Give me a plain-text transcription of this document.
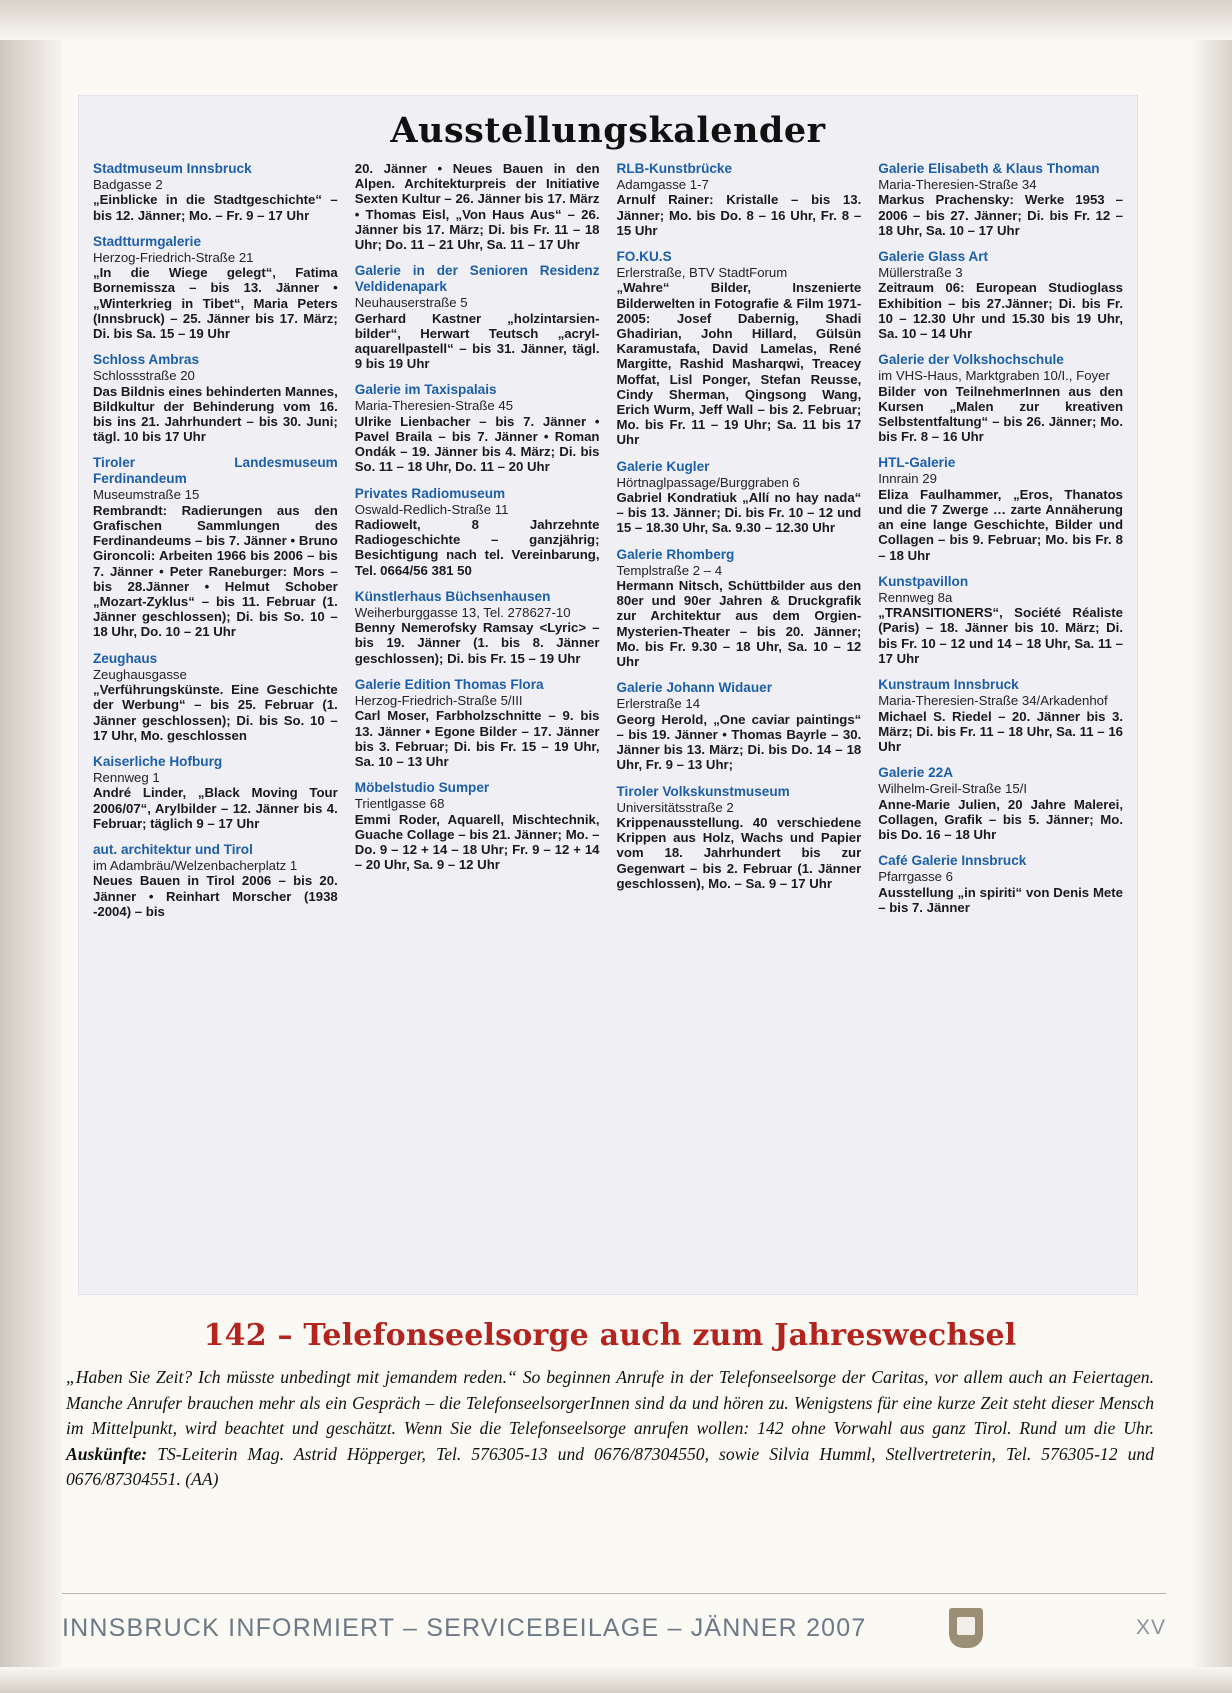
Ausstellungskalender
Stadtmuseum Innsbruck
Badgasse 2
„Einblicke in die Stadtgeschichte“ – bis 12. Jänner; Mo. – Fr. 9 – 17 Uhr
Stadtturmgalerie
Herzog-Friedrich-Straße 21
„In die Wiege gelegt“, Fatima Bornemissza – bis 13. Jänner • „Winterkrieg in Tibet“, Maria Peters (Innsbruck) – 25. Jänner bis 17. März; Di. bis Sa. 15 – 19 Uhr
Schloss Ambras
Schlossstraße 20
Das Bildnis eines behinderten Mannes, Bildkultur der Behinderung vom 16. bis ins 21. Jahrhundert – bis 30. Juni; tägl. 10 bis 17 Uhr
Tiroler Landesmuseum Ferdinandeum
Museumstraße 15
Rembrandt: Radierungen aus den Grafischen Sammlungen des Ferdinandeums – bis 7. Jänner • Bruno Gironcoli: Arbeiten 1966 bis 2006 – bis 7. Jänner • Peter Raneburger: Mors – bis 28.Jänner • Helmut Schober „Mozart-Zyklus“ – bis 11. Februar (1. Jänner geschlossen); Di. bis So. 10 – 18 Uhr, Do. 10 – 21 Uhr
Zeughaus
Zeughausgasse
„Verführungskünste. Eine Geschichte der Werbung“ – bis 25. Februar (1. Jänner geschlossen); Di. bis So. 10 – 17 Uhr, Mo. geschlossen
Kaiserliche Hofburg
Rennweg 1
André Linder, „Black Moving Tour 2006/07“, Arylbilder – 12. Jänner bis 4. Februar; täglich 9 – 17 Uhr
aut. architektur und Tirol
im Adambräu/Welzenbacherplatz 1
Neues Bauen in Tirol 2006 – bis 20. Jänner • Reinhart Morscher (1938 -2004) – bis
20. Jänner • Neues Bauen in den Alpen. Architekturpreis der Initiative Sexten Kultur – 26. Jänner bis 17. März • Thomas Eisl, „Von Haus Aus“ – 26. Jänner bis 17. März; Di. bis Fr. 11 – 18 Uhr; Do. 11 – 21 Uhr, Sa. 11 – 17 Uhr
Galerie in der Senioren Residenz Veldidenapark
Neuhauserstraße 5
Gerhard Kastner „holzintarsien-bilder“, Herwart Teutsch „acryl-aquarellpastell“ – bis 31. Jänner, tägl. 9 bis 19 Uhr
Galerie im Taxispalais
Maria-Theresien-Straße 45
Ulrike Lienbacher – bis 7. Jänner • Pavel Braila – bis 7. Jänner • Roman Ondák – 19. Jänner bis 4. März; Di. bis So. 11 – 18 Uhr, Do. 11 – 20 Uhr
Privates Radiomuseum
Oswald-Redlich-Straße 11
Radiowelt, 8 Jahrzehnte Radiogeschichte – ganzjährig; Besichtigung nach tel. Vereinbarung, Tel. 0664/56 381 50
Künstlerhaus Büchsenhausen
Weiherburggasse 13, Tel. 278627-10
Benny Nemerofsky Ramsay <Lyric> – bis 19. Jänner (1. bis 8. Jänner geschlossen); Di. bis Fr. 15 – 19 Uhr
Galerie Edition Thomas Flora
Herzog-Friedrich-Straße 5/III
Carl Moser, Farbholzschnitte – 9. bis 13. Jänner • Egone Bilder – 17. Jänner bis 3. Februar; Di. bis Fr. 15 – 19 Uhr, Sa. 10 – 13 Uhr
Möbelstudio Sumper
Trientlgasse 68
Emmi Roder, Aquarell, Mischtechnik, Guache Collage – bis 21. Jänner; Mo. – Do. 9 – 12 + 14 – 18 Uhr; Fr. 9 – 12 + 14 – 20 Uhr, Sa. 9 – 12 Uhr
RLB-Kunstbrücke
Adamgasse 1-7
Arnulf Rainer: Kristalle – bis 13. Jänner; Mo. bis Do. 8 – 16 Uhr, Fr. 8 – 15 Uhr
FO.KU.S
Erlerstraße, BTV StadtForum
„Wahre“ Bilder, Inszenierte Bilderwelten in Fotografie & Film 1971-2005: Josef Dabernig, Shadi Ghadirian, John Hillard, Gülsün Karamustafa, David Lamelas, René Margitte, Rashid Masharqwi, Treacey Moffat, Lisl Ponger, Stefan Reusse, Cindy Sherman, Qingsong Wang, Erich Wurm, Jeff Wall – bis 2. Februar; Mo. bis Fr. 11 – 19 Uhr; Sa. 11 bis 17 Uhr
Galerie Kugler
Hörtnaglpassage/Burggraben 6
Gabriel Kondratiuk „Allí no hay nada“ – bis 13. Jänner; Di. bis Fr. 10 – 12 und 15 – 18.30 Uhr, Sa. 9.30 – 12.30 Uhr
Galerie Rhomberg
Templstraße 2 – 4
Hermann Nitsch, Schüttbilder aus den 80er und 90er Jahren & Druckgrafik zur Architektur aus dem Orgien-Mysterien-Theater – bis 20. Jänner; Mo. bis Fr. 9.30 – 18 Uhr, Sa. 10 – 12 Uhr
Galerie Johann Widauer
Erlerstraße 14
Georg Herold, „One caviar paintings“ – bis 19. Jänner • Thomas Bayrle – 30. Jänner bis 13. März; Di. bis Do. 14 – 18 Uhr, Fr. 9 – 13 Uhr;
Tiroler Volkskunstmuseum
Universitätsstraße 2
Krippenausstellung. 40 verschiedene Krippen aus Holz, Wachs und Papier vom 18. Jahrhundert bis zur Gegenwart – bis 2. Februar (1. Jänner geschlossen), Mo. – Sa. 9 – 17 Uhr
Galerie Elisabeth & Klaus Thoman
Maria-Theresien-Straße 34
Markus Prachensky: Werke 1953 – 2006 – bis 27. Jänner; Di. bis Fr. 12 – 18 Uhr, Sa. 10 – 17 Uhr
Galerie Glass Art
Müllerstraße 3
Zeitraum 06: European Studioglass Exhibition – bis 27.Jänner; Di. bis Fr. 10 – 12.30 Uhr und 15.30 bis 19 Uhr, Sa. 10 – 14 Uhr
Galerie der Volkshochschule
im VHS-Haus, Marktgraben 10/I., Foyer
Bilder von TeilnehmerInnen aus den Kursen „Malen zur kreativen Selbstentfaltung“ – bis 26. Jänner; Mo. bis Fr. 8 – 16 Uhr
HTL-Galerie
Innrain 29
Eliza Faulhammer, „Eros, Thanatos und die 7 Zwerge … zarte Annäherung an eine lange Geschichte, Bilder und Collagen – bis 9. Februar; Mo. bis Fr. 8 – 18 Uhr
Kunstpavillon
Rennweg 8a
„TRANSITIONERS“, Société Réaliste (Paris) – 18. Jänner bis 10. März; Di. bis Fr. 10 – 12 und 14 – 18 Uhr, Sa. 11 – 17 Uhr
Kunstraum Innsbruck
Maria-Theresien-Straße 34/Arkadenhof
Michael S. Riedel – 20. Jänner bis 3. März; Di. bis Fr. 11 – 18 Uhr, Sa. 11 – 16 Uhr
Galerie 22A
Wilhelm-Greil-Straße 15/I
Anne-Marie Julien, 20 Jahre Malerei, Collagen, Grafik – bis 5. Jänner; Mo. bis Do. 16 – 18 Uhr
Café Galerie Innsbruck
Pfarrgasse 6
Ausstellung „in spiriti“ von Denis Mete – bis 7. Jänner
142 – Telefonseelsorge auch zum Jahreswechsel
„Haben Sie Zeit? Ich müsste unbedingt mit jemandem reden.“ So beginnen Anrufe in der Telefonseelsorge der Caritas, vor allem auch an Feiertagen. Manche Anrufer brauchen mehr als ein Gespräch – die TelefonseelsorgerInnen sind da und hören zu. Wenigstens für eine kurze Zeit steht dieser Mensch im Mittelpunkt, wird beachtet und geschätzt. Wenn Sie die Telefonseelsorge anrufen wollen: 142 ohne Vorwahl aus ganz Tirol. Rund um die Uhr. Auskünfte: TS-Leiterin Mag. Astrid Höpperger, Tel. 576305-13 und 0676/87304550, sowie Silvia Humml, Stellvertreterin, Tel. 576305-12 und 0676/87304551. (AA)
INNSBRUCK INFORMIERT – SERVICEBEILAGE – JÄNNER 2007	XV
